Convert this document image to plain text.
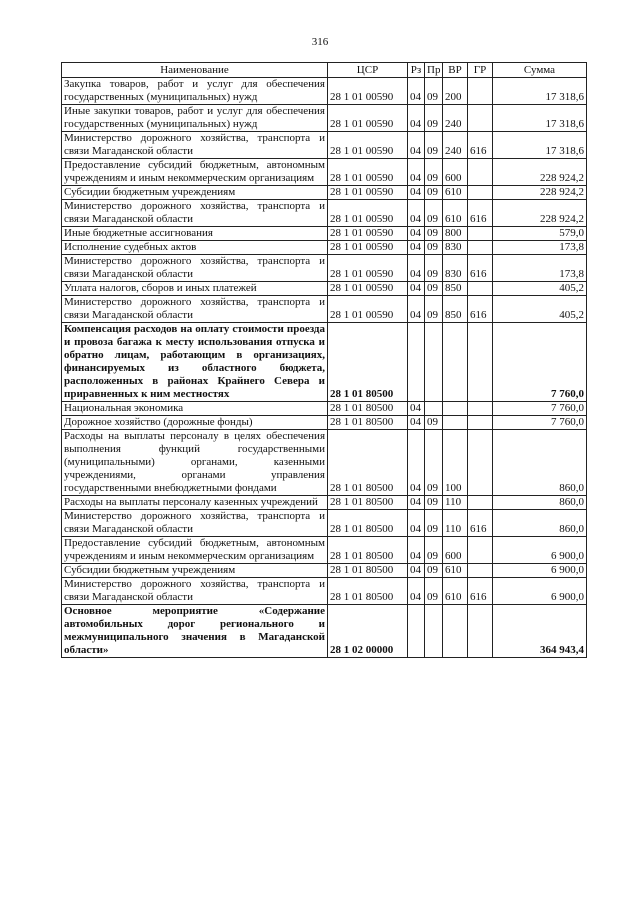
316
Наименование	ЦСР	Рз	Пр	ВР	ГР	Сумма
Закупка товаров, работ и услуг для обеспечения государственных (муниципальных) нужд	28 1 01 00590	04	09	200		17 318,6
Иные закупки товаров, работ и услуг для обеспечения государственных (муниципальных) нужд	28 1 01 00590	04	09	240		17 318,6
Министерство дорожного хозяйства, транспорта и связи Магаданской области	28 1 01 00590	04	09	240	616	17 318,6
Предоставление субсидий бюджетным, автономным учреждениям и иным некоммерческим организациям	28 1 01 00590	04	09	600		228 924,2
Субсидии бюджетным учреждениям	28 1 01 00590	04	09	610		228 924,2
Министерство дорожного хозяйства, транспорта и связи Магаданской области	28 1 01 00590	04	09	610	616	228 924,2
Иные бюджетные ассигнования	28 1 01 00590	04	09	800		579,0
Исполнение судебных актов	28 1 01 00590	04	09	830		173,8
Министерство дорожного хозяйства, транспорта и связи Магаданской области	28 1 01 00590	04	09	830	616	173,8
Уплата налогов, сборов и иных платежей	28 1 01 00590	04	09	850		405,2
Министерство дорожного хозяйства, транспорта и связи Магаданской области	28 1 01 00590	04	09	850	616	405,2
Компенсация расходов на оплату стоимости проезда и провоза багажа к месту использования отпуска и обратно лицам, работающим в организациях, финансируемых из областного бюджета, расположенных в районах Крайнего Севера и приравненных к ним местностях	28 1 01 80500					7 760,0
Национальная экономика	28 1 01 80500	04				7 760,0
Дорожное хозяйство (дорожные фонды)	28 1 01 80500	04	09			7 760,0
Расходы на выплаты персоналу в целях обеспечения выполнения функций государственными (муниципальными) органами, казенными учреждениями, органами управления государственными внебюджетными фондами	28 1 01 80500	04	09	100		860,0
Расходы на выплаты персоналу казенных учреждений	28 1 01 80500	04	09	110		860,0
Министерство дорожного хозяйства, транспорта и связи Магаданской области	28 1 01 80500	04	09	110	616	860,0
Предоставление субсидий бюджетным, автономным учреждениям и иным некоммерческим организациям	28 1 01 80500	04	09	600		6 900,0
Субсидии бюджетным учреждениям	28 1 01 80500	04	09	610		6 900,0
Министерство дорожного хозяйства, транспорта и связи Магаданской области	28 1 01 80500	04	09	610	616	6 900,0
Основное мероприятие «Содержание автомобильных дорог регионального и межмуниципального значения в Магаданской области»	28 1 02 00000					364 943,4
